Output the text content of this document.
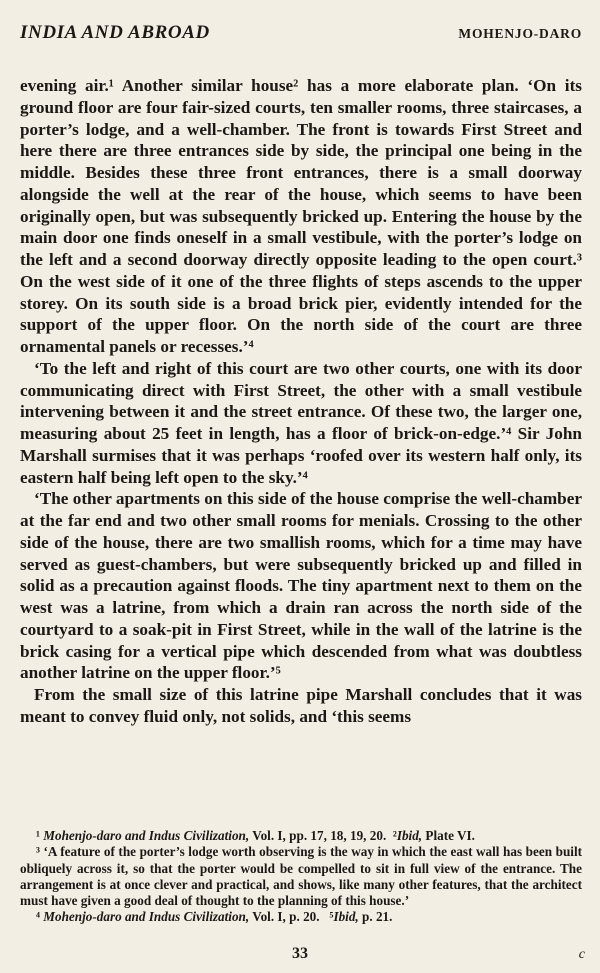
INDIA AND ABROAD	MOHENJO-DARO

evening air.¹ Another similar house² has a more elaborate plan. ‘On its ground floor are four fair-sized courts, ten smaller rooms, three staircases, a porter’s lodge, and a well-chamber. The front is towards First Street and here there are three entrances side by side, the principal one being in the middle. Besides these three front entrances, there is a small doorway alongside the well at the rear of the house, which seems to have been originally open, but was subsequently bricked up. Entering the house by the main door one finds oneself in a small vestibule, with the porter’s lodge on the left and a second doorway directly opposite leading to the open court.³ On the west side of it one of the three flights of steps ascends to the upper storey. On its south side is a broad brick pier, evidently intended for the support of the upper floor. On the north side of the court are three ornamental panels or recesses.’⁴

‘To the left and right of this court are two other courts, one with its door communicating direct with First Street, the other with a small vestibule intervening between it and the street entrance. Of these two, the larger one, measuring about 25 feet in length, has a floor of brick-on-edge.’⁴ Sir John Marshall surmises that it was perhaps ‘roofed over its western half only, its eastern half being left open to the sky.’⁴

‘The other apartments on this side of the house comprise the well-chamber at the far end and two other small rooms for menials. Crossing to the other side of the house, there are two smallish rooms, which for a time may have served as guest-chambers, but were subsequently bricked up and filled in solid as a precaution against floods. The tiny apartment next to them on the west was a latrine, from which a drain ran across the north side of the courtyard to a soak-pit in First Street, while in the wall of the latrine is the brick casing for a vertical pipe which descended from what was doubtless another latrine on the upper floor.’⁵

From the small size of this latrine pipe Marshall concludes that it was meant to convey fluid only, not solids, and ‘this seems

¹ Mohenjo-daro and Indus Civilization, Vol. I, pp. 17, 18, 19, 20. ²Ibid, Plate VI.

³ ‘A feature of the porter’s lodge worth observing is the way in which the east wall has been built obliquely across it, so that the porter would be compelled to sit in full view of the entrance. The arrangement is at once clever and practical, and shows, like many other features, that the architect must have given a good deal of thought to the planning of this house.’

⁴ Mohenjo-daro and Indus Civilization, Vol. I, p. 20. ⁵Ibid, p. 21.

33	c
